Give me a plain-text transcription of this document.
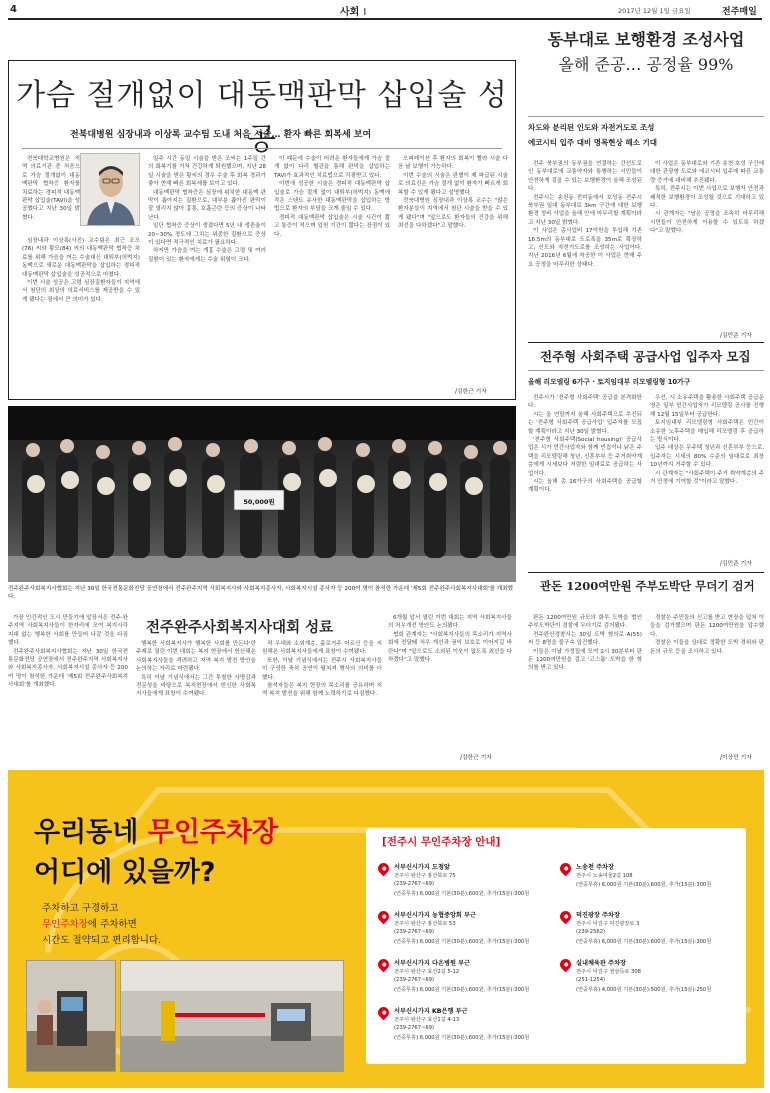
4	사회 I	2017년 12월 1일 금요일	전주매일
가슴 절개없이 대동맥판막 삽입술 성공
전북대병원 심장내과 이상록 교수팀 도내 처음 시술… 환자 빠른 회복세 보여

전북대학교병원은 지역 의료기관 중 처음으로 가슴 절개없이 대동맥판막 협착증 환자를 치료하는 경피적 대동맥판막 삽입술(TAVI)을 성공했다고 지난 30일 밝혔다.

심장내과 이상록(사진) 교수팀은 최근 조모(76) 씨와 황모(84) 씨의 대동맥판막 협착증 치료를 위해 가슴을 여는 수술대신 대퇴부(허벅지) 동맥으로 새로운 대동맥판막을 삽입하는 경피적 대동맥판막 삽입술을 성공적으로 마쳤다.

이번 시술 성공은 고령 심장질환자들이 지역에서 첨단의 최상의 의료서비스를 제공받을 수 있게 됐다는 점에서 큰 의미가 있다.

일주 시간 동일 시술을 받은 조씨는 1주일 간의 회복기를 거쳐 건강하게 퇴원했으며, 지난 28일 시술을 받은 황씨의 경우 수술 후 회복 경과가 좋아 현재 빠른 회복세를 보이고 있다.

대동맥판막 협착증은 심장에 위치한 대동맥 판막이 좁아지는 질환으로, 대부분 좁아진 판막이 잘 열리지 않아 흉통, 호흡곤란 등의 증상이 나타난다.

일단 협착증 증상이 생겼다면 5년 내 생존율이 20~30% 정도에 그치는 위중한 질환으로 증상이 있다면 적극적인 치료가 필요하다.

하지만 가슴을 여는 개흉 수술은 고령 및 여러 질환이 있는 환자에게는 수술 위험이 크다.

이 때문에 수술이 어려운 환자들에게 가슴 절개 없이 다리 혈관을 통해 판막을 삽입하는 TAVI가 효과적인 치료법으로 각광받고 있다.

이번에 성공한 시술은 경피적 대동맥판막 삽입술로 가슴 절개 없이 대퇴부(허벅지) 동맥에 작은 스텐트 유사한 대동맥판막을 삽입하는 방법으로 환자의 부담을 크게 줄일 수 있다.

경피적 대동맥판막 삽입술은 시술 시간이 짧고 통증이 적으며 입원 기간이 짧다는 장점이 있다.

오퍼레이션 후 환자의 회복이 빨라 시술 다음 날 보행이 가능하다.

이번 수술의 시술은 판별이 제 파급된 시술로 의료진은 가슴 절개 없이 환자가 빠르게 회복할 수 있게 됐다고 설명했다.

전북대병원 심장내과 이상록 교수는 "많은 환자분들이 지역에서 첨단 시술을 받을 수 있게 됐다"며 "앞으로도 환자들의 건강을 위해 최선을 다하겠다"고 말했다.

/김한근 기자
50,000원
전주완주사회복지사협회는 지난 30일 한국전통문화전당 공연장에서 전주완주지역 사회복지사와 사회복지종사자, 사회복지시설 종사자 등 200여 명이 참석한 가운데 '제5회 전주완주사회복지사대회'를 개최했다.
전주완주사회복지사대회 성료

가장 인간적인 도시 만들기에 앞장서온 전주·완주지역 사회복지사들이 한자리에 모여 복지사각지대 없는 행복한 사회를 만들어 나갈 것을 다짐했다.

전주완주사회복지사협회는 지난 30일 한국전통문화전당 공연장에서 전주완주지역 사회복지사와 사회복지종사자, 사회복지시설 종사자 등 200여 명이 참석한 가운데 '제5회 전주완주사회복지사대회'를 개최했다.

행복한 사회복지사가 행복한 사회를 만든다'란 주제로 열린 이번 대회는 복지 현장에서 헌신해온 사회복지사들을 격려하고 지역 복지 발전 방안을 논의하는 자리로 마련됐다.

특히 이날 기념식에서는 그간 투철한 사명감과 전문성을 바탕으로 복지현장에서 헌신한 사회복지사들에게 표창이 수여됐다.

적 우대와 소외계층, 홀로거주 어르신 등을 지원해온 사회복지사들에게 표창이 수여됐다.

또한, 이날 기념식에서는 전주시 사회복지사들이 구성한 축하 공연이 펼쳐져 행사의 의미를 더했다.

참석자들은 복지 현장의 목소리를 공유하며 지역 복지 발전을 위해 함께 노력하기로 다짐했다.

6개월 앞서 열린 이번 대회는 지역 사회복지사들의 처우개선 방안도 논의됐다.

협회 관계자는 "사회복지사들의 목소리가 지역사회에 전달돼 처우 개선과 권익 보호로 이어지길 바란다"며 "앞으로도 소외된 이웃이 없도록 최선을 다하겠다"고 말했다.

/김한근 기자
동부대로 보행환경 조성사업
올해 준공… 공정율 99%
차도와 분리된 인도와 자전거도로 조성
에코시티 입주 대비 명목현상 해소 기대

전주 북부권의 동부권을 연결하는 간선도로인 동부대로에 교통약자와 통행하는 시민들이 안전하게 걸을 수 있는 보행환경이 올해 조성된다.

전주시는 송천동 전미동에서 호성동 전주시 북부권 일대 동부대로 3km 구간에 대한 보행환경 정비 사업을 올해 안에 마무리할 계획이라고 지난 30일 밝혔다.

이 사업은 총사업비 17억원을 투입해 기존 16.5m의 동부대로 도로폭을 35m로 확장하고, 인도와 자전거도로를 조성하는 사업이다. 지난 2016년 6월에 착공한 이 사업은 현재 주요 공정을 마무리한 상태다.

이 사업은 동부대로와 기존 송천·호성 구간에 대한 관광형 도로와 에코시티 입주에 따른 교통량 증가에 대비해 추진됐다.

특히, 전주시는 이번 사업으로 보행자 안전과 쾌적한 보행환경이 조성될 것으로 기대하고 있다.

시 관계자는 "남은 공정을 조속히 마무리해 시민들이 안전하게 이용할 수 있도록 하겠다"고 말했다.

/김민준 기자
전주형 사회주택 공급사업 입주자 모집
올해 리모델링 6가구 · 토지임대부 리모델링형 10가구

전주시가 '전주형 사회주택' 공급을 본격화한다.

시는 올 연말까지 올해 사회주택으로 추진되는 '전주형 사회주택 공급사업' 입주자를 모집할 계획이라고 지난 30일 밝혔다.

'전주형 사회주택(Social housing)' 공급사업은 시가 민간사업자와 함께 빈집이나 낡은 주택을 리모델링해 청년, 신혼부부 등 주거취약계층에게 시세보다 저렴한 임대료로 공급하는 사업이다.

시는 올해 총 16가구의 사회주택을 공급할 계획이다.

우선, 시 소유주택을 활용한 사회주택 공급운영은 일부 민간사업자가 리모델링 공사를 진행해 12월 15일부터 공급한다.

토지임대부 리모델링형 사회주택은 민간이 소유한 노후주택을 매입해 리모델링 후 공급하는 방식이다.

입주 대상은 무주택 청년과 신혼부부 등으로, 입주자는 시세의 80% 수준의 임대료로 최장 10년까지 거주할 수 있다.

시 관계자는 "사회주택이 주거 취약계층의 주거 안정에 기여할 것"이라고 말했다.

/김민준 기자
관돈 1200여만원 주부도박단 무더기 검거

판돈 1200여만원 규모의 화투 도박을 벌인 주부도박단이 경찰에 무더기로 검거됐다.

전주완산경찰서는 30일 도박 혐의로 A(55)씨 등 8명을 불구속 입건했다.

이들은 이날 가정집에 모여 2시 30분부터 판돈 1200여만원을 걸고 '고스톱' 도박을 한 혐의를 받고 있다.

경찰은 주민들의 신고를 받고 현장을 덮쳐 이들을 검거했으며 판돈 1200여만원을 압수했다.

경찰은 이들을 상대로 정확한 도박 경위와 판돈의 규모 등을 조사하고 있다.

/이상민 기자
우리동네 무인주차장
어디에 있을까?
주차하고 구경하고
무인주차장에 주차하면
시간도 절약되고 편리합니다.
[전주시 무인주차장 안내]
서부신시가지 도청앞
전주시 완산구 홍산북로 75
(239-2767~69)
(연중무휴) 6,000원 기본(30분):600원, 추가(15분):300원
서부신시가지 농협중앙회 부근
전주시 완산구 홍산북로 53
(239-2767~69)
(연중무휴) 6,000원 기본(30분):600원, 추가(15분):300원
서부신시가지 다온병원 부근
전주시 완산구 효산2길 5-12
(239-2767~69)
(연중무휴) 6,000원 기본(30분):600원, 추가(15분):300원
서부신시가지 KB은행 부근
전주시 완산구 효산1길 4-13
(239-2767~69)
(연중무휴) 6,000원 기본(30분):600원, 추가(15분):300원
노송천 주차장
전주시 노송여울2길 108
(연중무휴) 6,000원 기본(30분):600원, 추가(15분):300원
덕진광장 주차장
전주시 덕진구 덕진광장로 3
(239-2562)
(연중무휴) 6,000원 기본(30분):600원, 추가(15분):300원
실내체육관 주차장
전주시 덕진구 권삼득로 308
(251-1254)
(연중무휴) 4,000원 기본(30분):500원, 추가(15분):250원
